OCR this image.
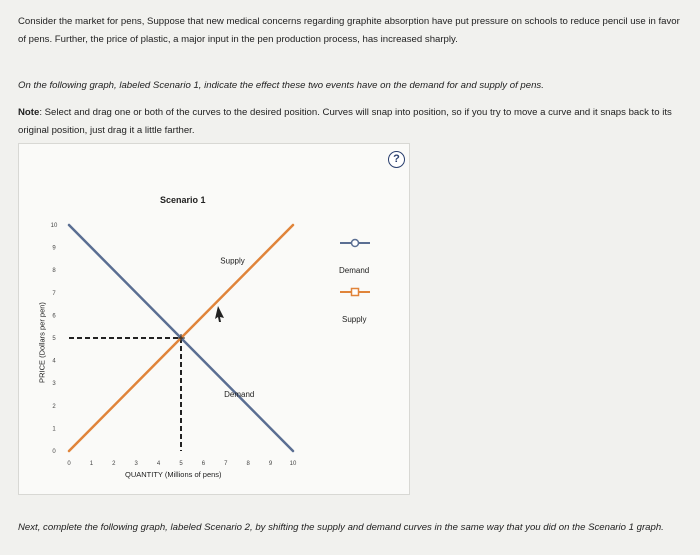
Consider the market for pens, Suppose that new medical concerns regarding graphite absorption have put pressure on schools to reduce pencil use in favor of pens. Further, the price of plastic, a major input in the pen production process, has increased sharply.

On the following graph, labeled Scenario 1, indicate the effect these two events have on the demand for and supply of pens.

Note: Select and drag one or both of the curves to the desired position. Curves will snap into position, so if you try to move a curve and it snaps back to its original position, just drag it a little farther.

?
Scenario 1
PRICE (Dollars per pen)
QUANTITY (Millions of pens)
0	1	2	3	4	5	6	7	8	9	10
0
1
2
3
4
5
6
7
8
9
10
Supply
Demand
Demand
Supply

Next, complete the following graph, labeled Scenario 2, by shifting the supply and demand curves in the same way that you did on the Scenario 1 graph.
